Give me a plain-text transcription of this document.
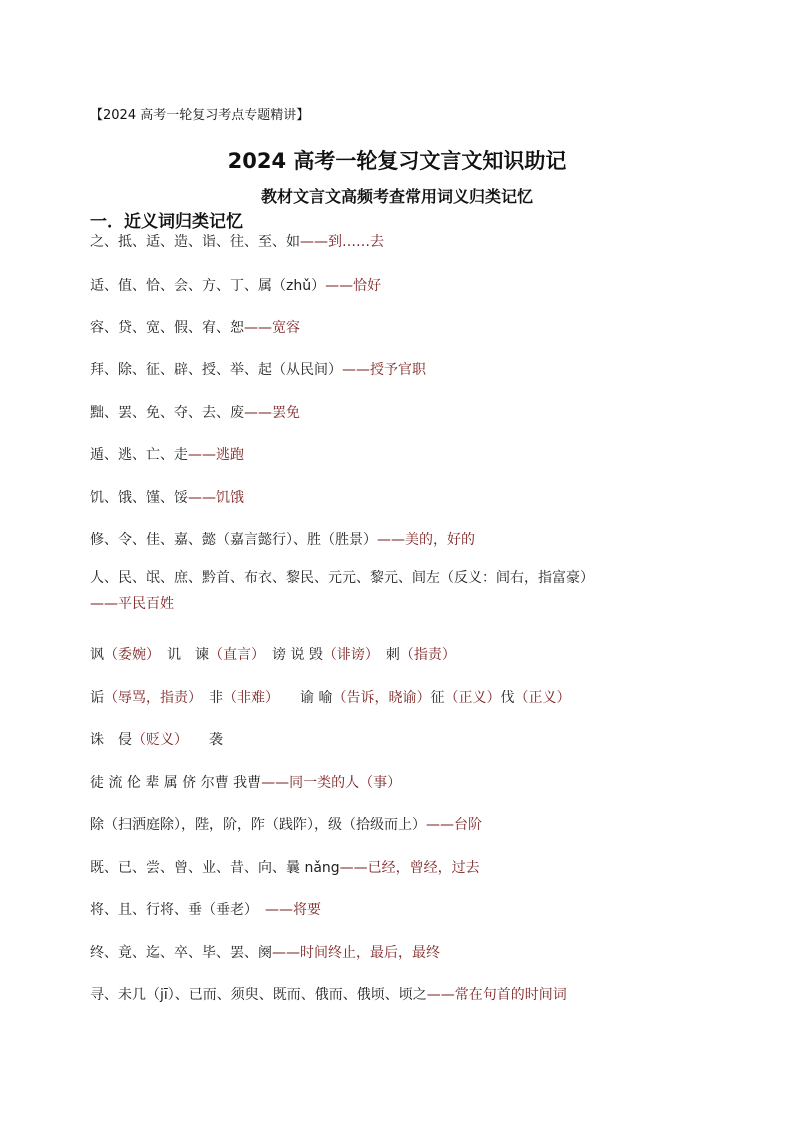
【2024 高考一轮复习考点专题精讲】
2024 高考一轮复习文言文知识助记
教材文言文高频考查常用词义归类记忆
一．近义词归类记忆
之、抵、适、造、诣、往、至、如——到……去
适、值、恰、会、方、丁、属（zhǔ）——恰好
容、贷、宽、假、宥、恕——宽容
拜、除、征、辟、授、举、起（从民间）——授予官职
黜、罢、免、夺、去、废——罢免
遁、逃、亡、走——逃跑
饥、饿、馑、馁——饥饿
修、令、佳、嘉、懿（嘉言懿行）、胜（胜景）——美的，好的
人、民、氓、庶、黔首、布衣、黎民、元元、黎元、闾左（反义：闾右，指富豪）
——平民百姓
讽（委婉）　讥　谏（直言）　谤 说 毁（诽谤）　刺（指责）
诟（辱骂，指责）　非（非难）　　谕 喻（告诉，晓谕）征（正义）伐（正义）
诛　侵（贬义）　　袭
徒 流 伦 辈 属 侪 尔曹 我曹——同一类的人（事）
除（扫洒庭除），陛，阶，阼（践阼），级（拾级而上）——台阶
既、已、尝、曾、业、昔、向、曩 nǎng——已经，曾经，过去
将、且、行将、垂（垂老）　——将要
终、竟、迄、卒、毕、罢、阕——时间终止，最后，最终
寻、未几（jī）、已而、须臾、既而、俄而、俄顷、顷之——常在句首的时间词
